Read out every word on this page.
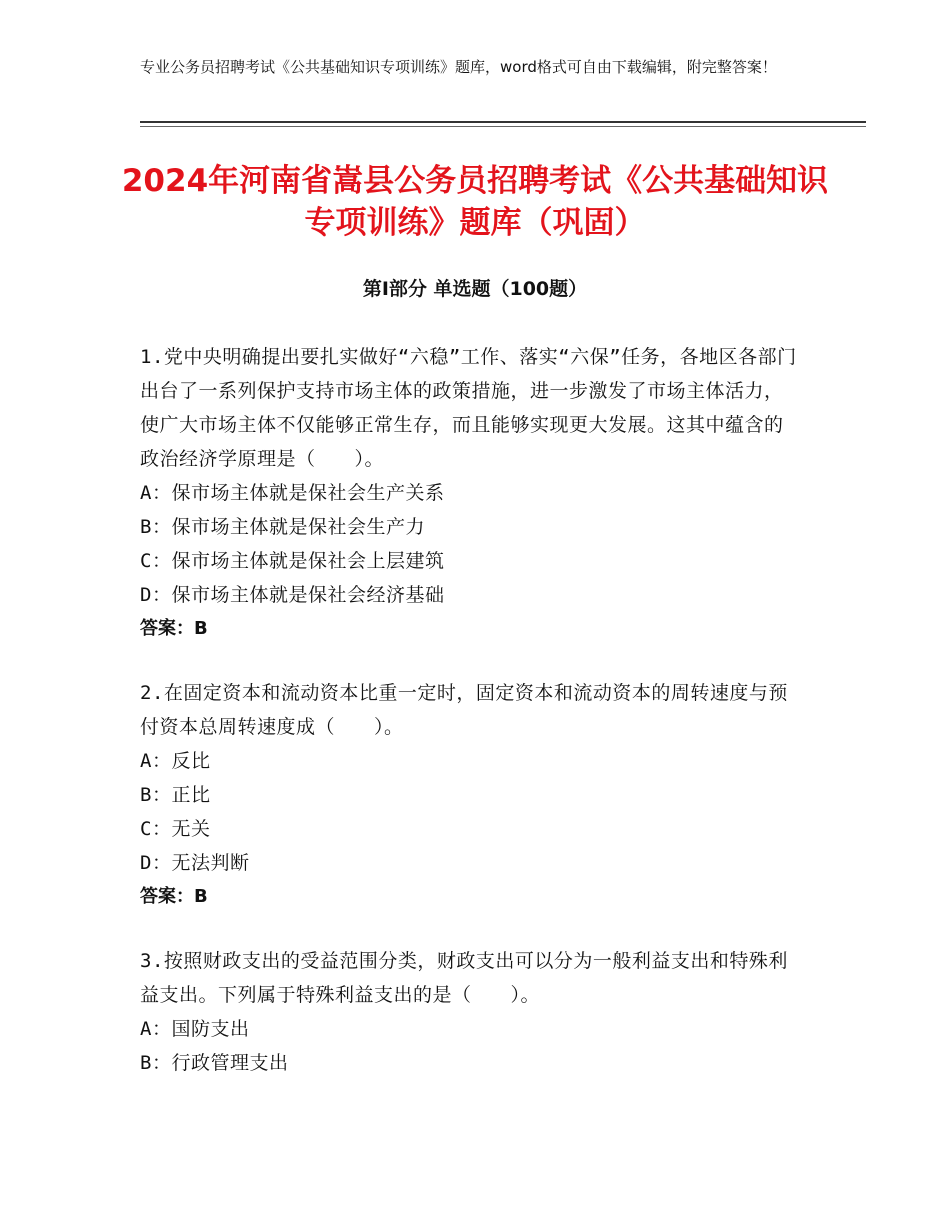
专业公务员招聘考试《公共基础知识专项训练》题库，word格式可自由下载编辑，附完整答案！
2024年河南省嵩县公务员招聘考试《公共基础知识专项训练》题库（巩固）
第Ⅰ部分 单选题（100题）
1.党中央明确提出要扎实做好“六稳”工作、落实“六保”任务，各地区各部门出台了一系列保护支持市场主体的政策措施，进一步激发了市场主体活力，使广大市场主体不仅能够正常生存，而且能够实现更大发展。这其中蕴含的政治经济学原理是（　　）。
A：保市场主体就是保社会生产关系
B：保市场主体就是保社会生产力
C：保市场主体就是保社会上层建筑
D：保市场主体就是保社会经济基础
答案：B
2.在固定资本和流动资本比重一定时，固定资本和流动资本的周转速度与预付资本总周转速度成（　　）。
A：反比
B：正比
C：无关
D：无法判断
答案：B
3.按照财政支出的受益范围分类，财政支出可以分为一般利益支出和特殊利益支出。下列属于特殊利益支出的是（　　）。
A：国防支出
B：行政管理支出
